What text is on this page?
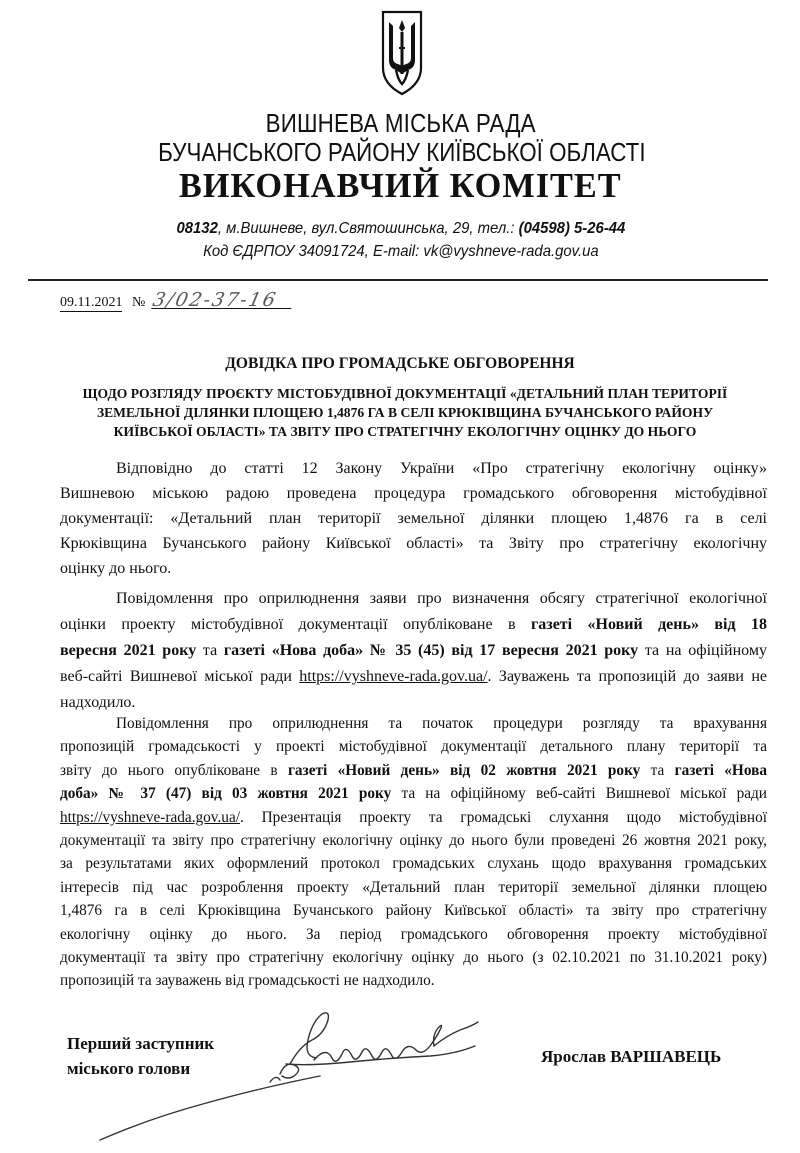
ВИШНЕВА МІСЬКА РАДА
БУЧАНСЬКОГО РАЙОНУ КИЇВСЬКОЇ ОБЛАСТІ
ВИКОНАВЧИЙ КОМІТЕТ
08132, м.Вишневе, вул.Святошинська, 29, тел.: (04598) 5-26-44
Код ЄДРПОУ 34091724, E-mail: vk@vyshneve-rada.gov.ua
09.11.2021 № 3/02-37-16
ДОВІДКА ПРО ГРОМАДСЬКЕ ОБГОВОРЕННЯ
ЩОДО РОЗГЛЯДУ ПРОЄКТУ МІСТОБУДІВНОЇ ДОКУМЕНТАЦІЇ «ДЕТАЛЬНИЙ ПЛАН ТЕРИТОРІЇ
ЗЕМЕЛЬНОЇ ДІЛЯНКИ ПЛОЩЕЮ 1,4876 ГА В СЕЛІ КРЮКІВЩИНА БУЧАНСЬКОГО РАЙОНУ
КИЇВСЬКОЇ ОБЛАСТІ» ТА ЗВІТУ ПРО СТРАТЕГІЧНУ ЕКОЛОГІЧНУ ОЦІНКУ ДО НЬОГО
Відповідно до статті 12 Закону України «Про стратегічну екологічну оцінку»
Вишневою міською радою проведена процедура громадського обговорення містобудівної
документації: «Детальний план території земельної ділянки площею 1,4876 га в селі
Крюківщина Бучанського району Київської області» та Звіту про стратегічну екологічну
оцінку до нього.
Повідомлення про оприлюднення заяви про визначення обсягу стратегічної екологічної
оцінки проекту містобудівної документації опубліковане в газеті «Новий день» від 18
вересня 2021 року та газеті «Нова доба» № 35 (45) від 17 вересня 2021 року та на офіційному
веб-сайті Вишневої міської ради https://vyshneve-rada.gov.ua/. Зауважень та пропозицій до заяви не
надходило.
Повідомлення про оприлюднення та початок процедури розгляду та врахування
пропозицій громадськості у проекті містобудівної документації детального плану території та
звіту до нього опубліковане в газеті «Новий день» від 02 жовтня 2021 року та газеті «Нова
доба» № 37 (47) від 03 жовтня 2021 року та на офіційному веб-сайті Вишневої міської ради
https://vyshneve-rada.gov.ua/. Презентація проекту та громадські слухання щодо містобудівної
документації та звіту про стратегічну екологічну оцінку до нього були проведені 26 жовтня 2021 року,
за результатами яких оформлений протокол громадських слухань щодо врахування громадських
інтересів під час розроблення проекту «Детальний план території земельної ділянки площею
1,4876 га в селі Крюківщина Бучанського району Київської області» та звіту про стратегічну
екологічну оцінку до нього. За період громадського обговорення проекту містобудівної
документації та звіту про стратегічну екологічну оцінку до нього (з 02.10.2021 по 31.10.2021 року)
пропозицій та зауважень від громадськості не надходило.
Перший заступник
міського голови
Ярослав ВАРШАВЕЦЬ
